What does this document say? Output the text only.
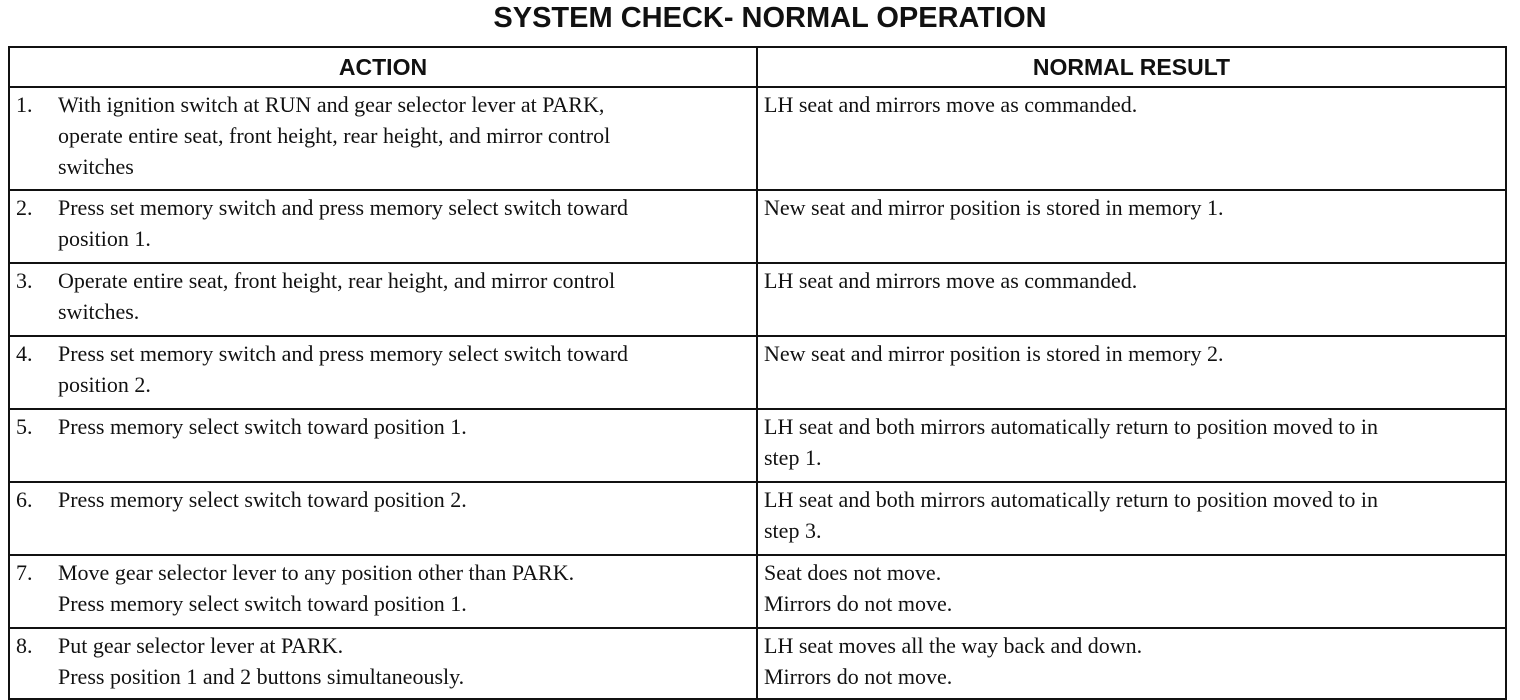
SYSTEM CHECK- NORMAL OPERATION
ACTION	NORMAL RESULT

1. With ignition switch at RUN and gear selector lever at PARK,
operate entire seat, front height, rear height, and mirror control
switches	LH seat and mirrors move as commanded.

2. Press set memory switch and press memory select switch toward
position 1.	New seat and mirror position is stored in memory 1.

3. Operate entire seat, front height, rear height, and mirror control
switches.	LH seat and mirrors move as commanded.

4. Press set memory switch and press memory select switch toward
position 2.	New seat and mirror position is stored in memory 2.

5. Press memory select switch toward position 1.	LH seat and both mirrors automatically return to position moved to in
step 1.

6. Press memory select switch toward position 2.	LH seat and both mirrors automatically return to position moved to in
step 3.

7. Move gear selector lever to any position other than PARK.
Press memory select switch toward position 1.	Seat does not move.
Mirrors do not move.

8. Put gear selector lever at PARK.
Press position 1 and 2 buttons simultaneously.	LH seat moves all the way back and down.
Mirrors do not move.
